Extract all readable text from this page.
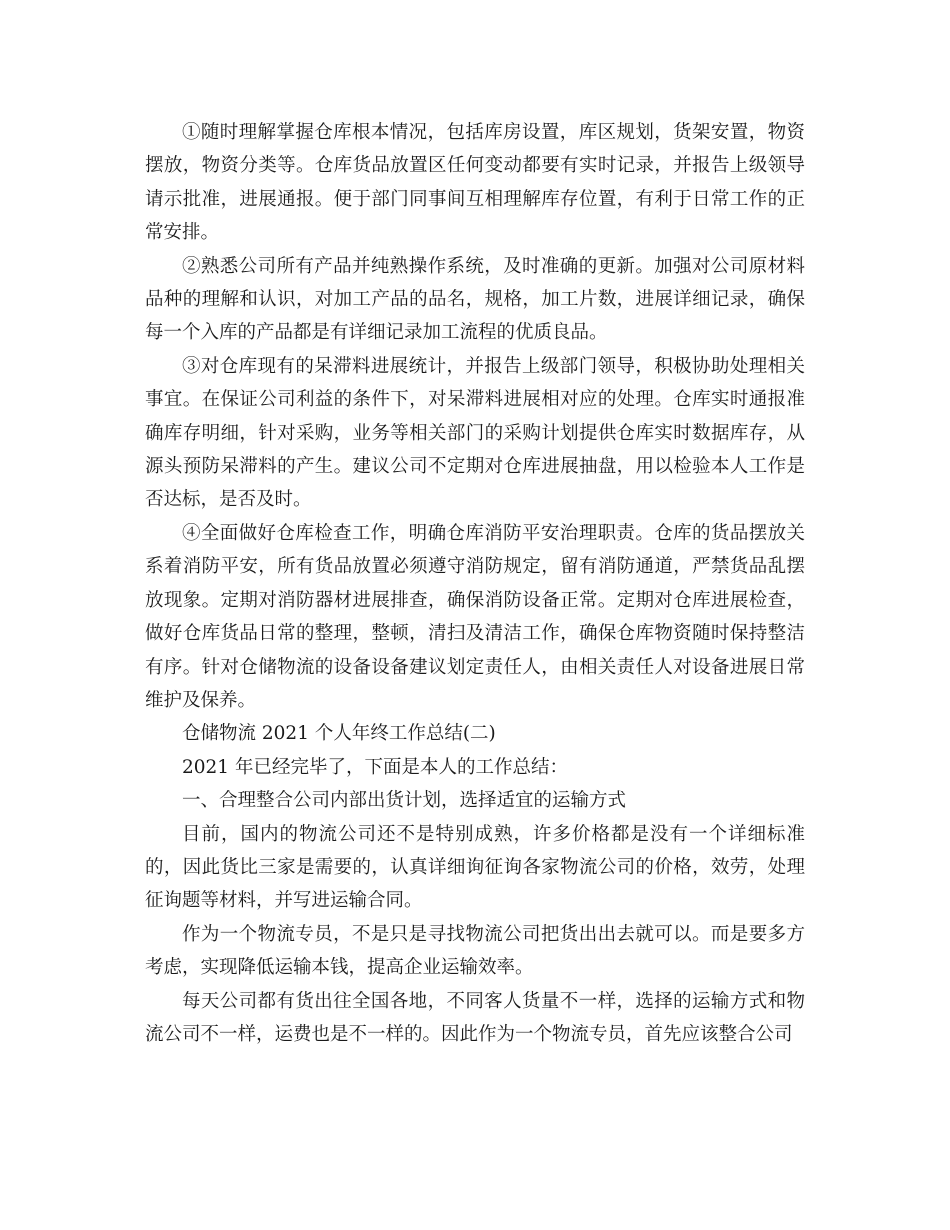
①随时理解掌握仓库根本情况，包括库房设置，库区规划，货架安置，物资摆放，物资分类等。仓库货品放置区任何变动都要有实时记录，并报告上级领导请示批准，进展通报。便于部门同事间互相理解库存位置，有利于日常工作的正常安排。

②熟悉公司所有产品并纯熟操作系统，及时准确的更新。加强对公司原材料品种的理解和认识，对加工产品的品名，规格，加工片数，进展详细记录，确保每一个入库的产品都是有详细记录加工流程的优质良品。

③对仓库现有的呆滞料进展统计，并报告上级部门领导，积极协助处理相关事宜。在保证公司利益的条件下，对呆滞料进展相对应的处理。仓库实时通报准确库存明细，针对采购，业务等相关部门的采购计划提供仓库实时数据库存，从源头预防呆滞料的产生。建议公司不定期对仓库进展抽盘，用以检验本人工作是否达标，是否及时。

④全面做好仓库检查工作，明确仓库消防平安治理职责。仓库的货品摆放关系着消防平安，所有货品放置必须遵守消防规定，留有消防通道，严禁货品乱摆放现象。定期对消防器材进展排查，确保消防设备正常。定期对仓库进展检查，做好仓库货品日常的整理，整顿，清扫及清洁工作，确保仓库物资随时保持整洁有序。针对仓储物流的设备设备建议划定责任人，由相关责任人对设备进展日常维护及保养。

仓储物流 2021 个人年终工作总结(二)

2021 年已经完毕了，下面是本人的工作总结：

一、合理整合公司内部出货计划，选择适宜的运输方式

目前，国内的物流公司还不是特别成熟，许多价格都是没有一个详细标准的，因此货比三家是需要的，认真详细询征询各家物流公司的价格，效劳，处理征询题等材料，并写进运输合同。

作为一个物流专员，不是只是寻找物流公司把货出出去就可以。而是要多方考虑，实现降低运输本钱，提高企业运输效率。

每天公司都有货出往全国各地，不同客人货量不一样，选择的运输方式和物流公司不一样，运费也是不一样的。因此作为一个物流专员，首先应该整合公司
